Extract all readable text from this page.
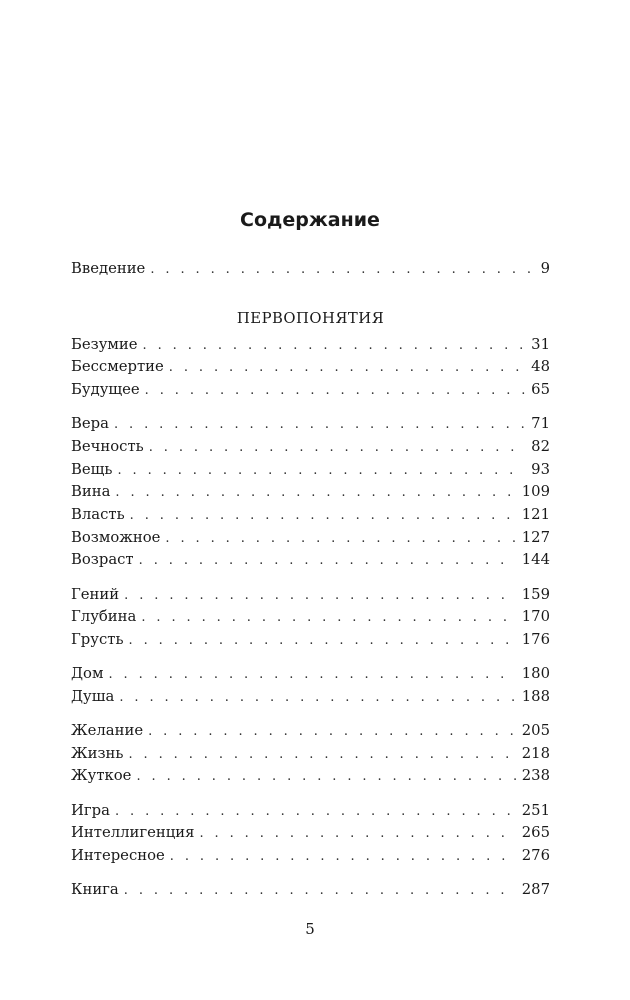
Содержание
Введение . . .	9
ПЕРВОПОНЯТИЯ
Безумие . . .	31
Бессмертие . . .	48
Будущее . . .	65
Вера . . .	71
Вечность . . .	82
Вещь . . .	93
Вина . . .	109
Власть . . .	121
Возможное . . .	127
Возраст . . .	144
Гений . . .	159
Глубина . . .	170
Грусть . . .	176
Дом . . .	180
Душа . . .	188
Желание . . .	205
Жизнь . . .	218
Жуткое . . .	238
Игра . . .	251
Интеллигенция . . .	265
Интересное . . .	276
Книга . . .	287
5
